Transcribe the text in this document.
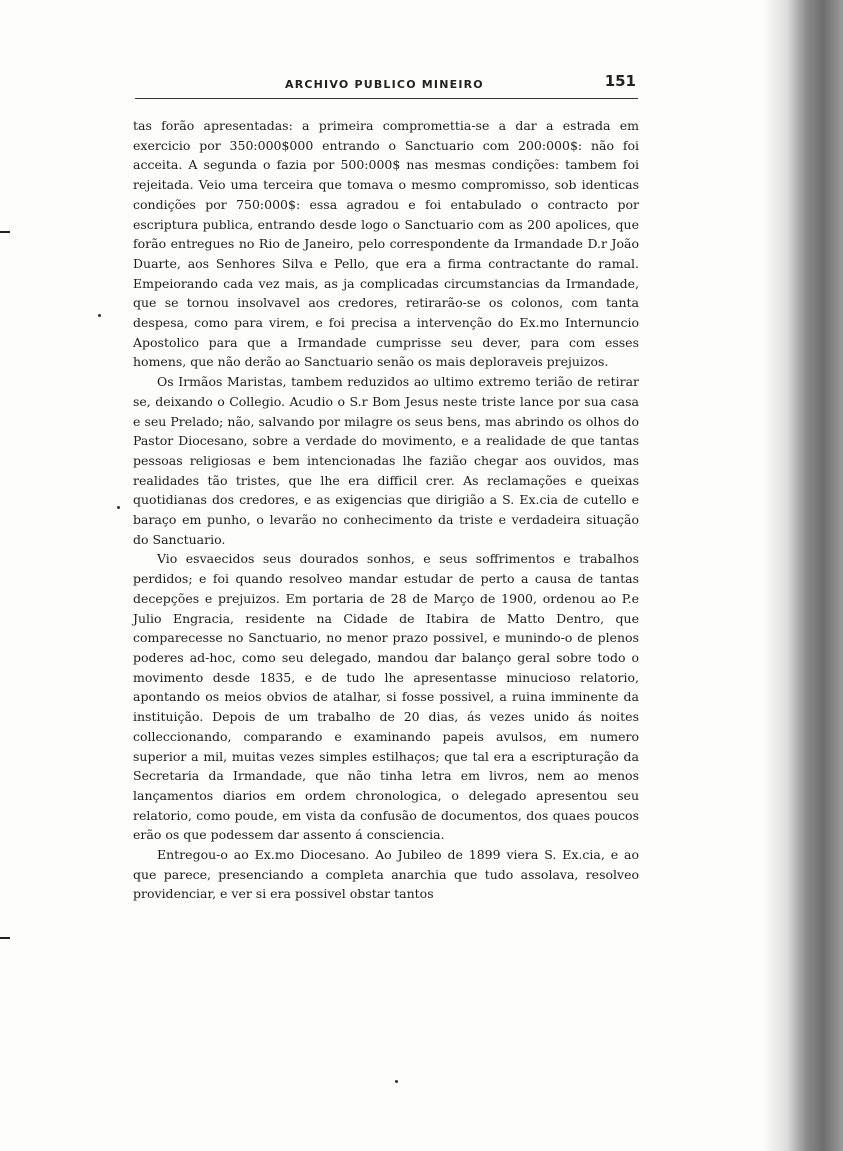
ARCHIVO PUBLICO MINEIRO	151

tas forão apresentadas: a primeira compromettia-se a dar a estrada em exercicio por 350:000$000 entrando o Sanctuario com 200:000$: não foi acceita. A segunda o fazia por 500:000$ nas mesmas condições: tambem foi rejeitada. Veio uma terceira que tomava o mesmo compromisso, sob identicas condições por 750:000$: essa agradou e foi entabulado o contracto por escriptura publica, entrando desde logo o Sanctuario com as 200 apolices, que forão entregues no Rio de Janeiro, pelo correspondente da Irmandade D.r João Duarte, aos Senhores Silva e Pello, que era a firma contractante do ramal. Empeiorando cada vez mais, as ja complicadas circumstancias da Irmandade, que se tornou insolvavel aos credores, retirarão-se os colonos, com tanta despesa, como para virem, e foi precisa a intervenção do Ex.mo Internuncio Apostolico para que a Irmandade cumprisse seu dever, para com esses homens, que não derão ao Sanctuario senão os mais deploraveis prejuizos.

Os Irmãos Maristas, tambem reduzidos ao ultimo extremo terião de retirar se, deixando o Collegio. Acudio o S.r Bom Jesus neste triste lance por sua casa e seu Prelado; não, salvando por milagre os seus bens, mas abrindo os olhos do Pastor Diocesano, sobre a verdade do movimento, e a realidade de que tantas pessoas religiosas e bem intencionadas lhe fazião chegar aos ouvidos, mas realidades tão tristes, que lhe era difficil crer. As reclamações e queixas quotidianas dos credores, e as exigencias que dirigião a S. Ex.cia de cutello e baraço em punho, o levarão no conhecimento da triste e verdadeira situação do Sanctuario.

Vio esvaecidos seus dourados sonhos, e seus soffrimentos e trabalhos perdidos; e foi quando resolveo mandar estudar de perto a causa de tantas decepções e prejuizos. Em portaria de 28 de Março de 1900, ordenou ao P.e Julio Engracia, residente na Cidade de Itabira de Matto Dentro, que comparecesse no Sanctuario, no menor prazo possivel, e munindo-o de plenos poderes ad-hoc, como seu delegado, mandou dar balanço geral sobre todo o movimento desde 1835, e de tudo lhe apresentasse minucioso relatorio, apontando os meios obvios de atalhar, si fosse possivel, a ruina imminente da instituição. Depois de um trabalho de 20 dias, ás vezes unido ás noites colleccionando, comparando e examinando papeis avulsos, em numero superior a mil, muitas vezes simples estilhaços; que tal era a escripturação da Secretaria da Irmandade, que não tinha letra em livros, nem ao menos lançamentos diarios em ordem chronologica, o delegado apresentou seu relatorio, como poude, em vista da confusão de documentos, dos quaes poucos erão os que podessem dar assento á consciencia.

Entregou-o ao Ex.mo Diocesano. Ao Jubileo de 1899 viera S. Ex.cia, e ao que parece, presenciando a completa anarchia que tudo assolava, resolveo providenciar, e ver si era possivel obstar tantos
